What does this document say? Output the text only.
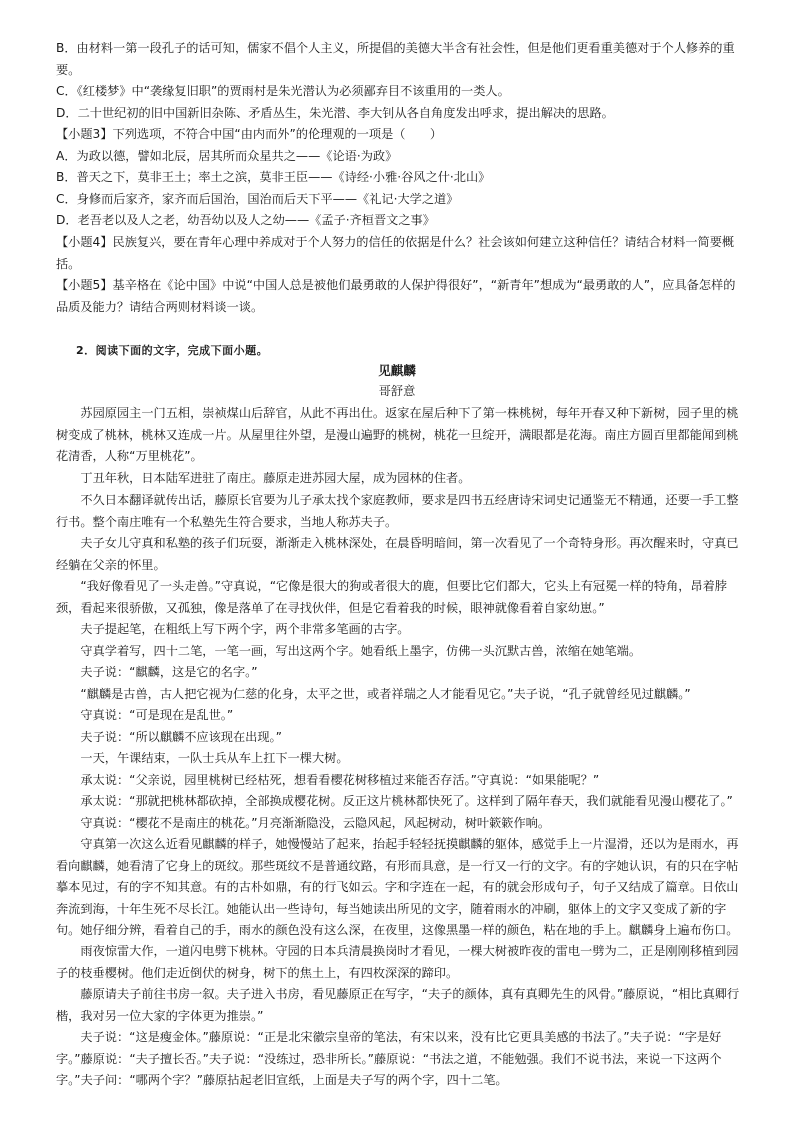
B．由材料一第一段孔子的话可知，儒家不倡个人主义，所提倡的美德大半含有社会性，但是他们更看重美德对于个人修养的重要。

C．《红楼梦》中“袭缘复旧职”的贾雨村是朱光潜认为必须鄙弃目不该重用的一类人。

D．二十世纪初的旧中国新旧杂陈、矛盾丛生，朱光潜、李大钊从各自角度发出呼求，提出解决的思路。

【小题3】下列选项，不符合中国“由内而外”的伦理观的一项是（　　）

A．为政以德，譬如北辰，居其所而众星共之——《论语·为政》

B．普天之下，莫非王土；率土之滨，莫非王臣——《诗经·小雅·谷风之什·北山》

C．身修而后家齐，家齐而后国治，国治而后天下平——《礼记·大学之道》

D．老吾老以及人之老，幼吾幼以及人之幼——《孟子·齐桓晋文之事》

【小题4】民族复兴，要在青年心理中养成对于个人努力的信任的依据是什么？社会该如何建立这种信任？请结合材料一简要概括。

【小题5】基辛格在《论中国》中说“中国人总是被他们最勇敢的人保护得很好”，“新青年”想成为“最勇敢的人”，应具备怎样的品质及能力？请结合两则材料谈一谈。

2．阅读下面的文字，完成下面小题。

见麒麟

哥舒意

苏园原园主一门五相，崇祯煤山后辞官，从此不再出仕。返家在屋后种下了第一株桃树，每年开春又种下新树，园子里的桃树变成了桃林，桃林又连成一片。从屋里往外望，是漫山遍野的桃树，桃花一旦绽开，满眼都是花海。南庄方圆百里都能闻到桃花清香，人称“万里桃花”。

丁丑年秋，日本陆军进驻了南庄。藤原走进苏园大屋，成为园林的住者。

不久日本翻译就传出话，藤原长官要为儿子承太找个家庭教师，要求是四书五经唐诗宋词史记通鉴无不精通，还要一手工整行书。整个南庄唯有一个私塾先生符合要求，当地人称苏夫子。

夫子女儿守真和私塾的孩子们玩耍，渐渐走入桃林深处，在晨昏明暗间，第一次看见了一个奇特身形。再次醒来时，守真已经躺在父亲的怀里。

“我好像看见了一头走兽。”守真说，“它像是很大的狗或者很大的鹿，但要比它们都大，它头上有冠冕一样的特角，昂着脖颈，看起来很骄傲，又孤独，像是落单了在寻找伙伴，但是它看着我的时候，眼神就像看着自家幼崽。”

夫子提起笔，在粗纸上写下两个字，两个非常多笔画的古字。

守真学着写，四十二笔，一笔一画，写出这两个字。她看纸上墨字，仿佛一头沉默古兽，浓缩在她笔端。

夫子说：“麒麟，这是它的名字。”

“麒麟是古兽，古人把它视为仁慈的化身，太平之世，或者祥瑞之人才能看见它。”夫子说，“孔子就曾经见过麒麟。”

守真说：“可是现在是乱世。”

夫子说：“所以麒麟不应该现在出现。”

一天，午课结束，一队士兵从车上扛下一棵大树。

承太说：“父亲说，园里桃树已经枯死，想看看樱花树移植过来能否存活。”守真说：“如果能呢？”

承太说：“那就把桃林都砍掉，全部换成樱花树。反正这片桃林都快死了。这样到了隔年春天，我们就能看见漫山樱花了。”

守真说：“樱花不是南庄的桃花。”月亮渐渐隐没，云隐风起，风起树动，树叶簌簌作响。

守真第一次这么近看见麒麟的样子，她慢慢站了起来，抬起手轻轻抚摸麒麟的躯体，感觉手上一片湿滑，还以为是雨水，再看向麒麟，她看清了它身上的斑纹。那些斑纹不是普通纹路，有形而具意，是一行又一行的文字。有的字她认识，有的只在字帖摹本见过，有的字不知其意。有的古朴如鼎，有的行飞如云。字和字连在一起，有的就会形成句子，句子又结成了篇章。日依山奔流到海，十年生死不尽长江。她能认出一些诗句，每当她读出所见的文字，随着雨水的冲刷，躯体上的文字又变成了新的字句。她仔细分辨，看着自己的手，雨水的颜色没有这么深，在夜里，这像黑墨一样的颜色，粘在地的手上。麒麟身上遍布伤口。

雨夜惊雷大作，一道闪电劈下桃林。守园的日本兵清晨换岗时才看见，一棵大树被昨夜的雷电一劈为二，正是刚刚移植到园子的枝垂樱树。他们走近倒伏的树身，树下的焦土上，有四枚深深的蹄印。

藤原请夫子前往书房一叙。夫子进入书房，看见藤原正在写字，“夫子的颜体，真有真卿先生的风骨。”藤原说，“相比真卿行楷，我对另一位大家的字体更为推崇。”

夫子说：“这是瘦金体。”藤原说：“正是北宋徽宗皇帝的笔法，有宋以来，没有比它更具美感的书法了。”夫子说：“字是好字。”藤原说：“夫子擅长否。”夫子说：“没练过，恐非所长。”藤原说：“书法之道，不能勉强。我们不说书法，来说一下这两个字。”夫子问：“哪两个字？”藤原拈起老旧宣纸，上面是夫子写的两个字，四十二笔。
